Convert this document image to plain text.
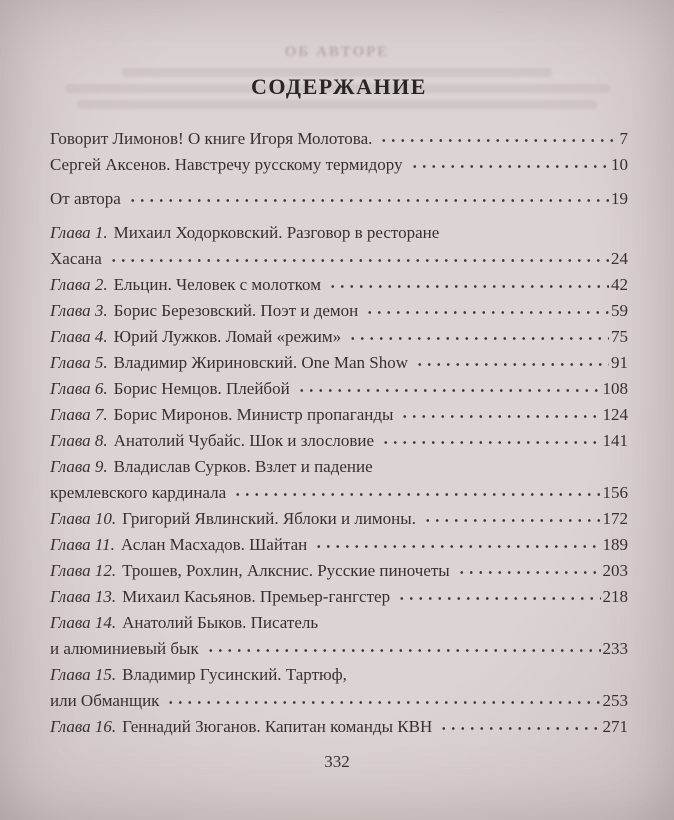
ОБ АВТОРЕ
СОДЕРЖАНИЕ
Говорит Лимонов! О книге Игоря Молотова.	7
Сергей Аксенов. Навстречу русскому термидору	10
От автора	19
Глава 1. Михаил Ходорковский. Разговор в ресторане
Хасана	24
Глава 2. Ельцин. Человек с молотком	42
Глава 3. Борис Березовский. Поэт и демон	59
Глава 4. Юрий Лужков. Ломай «режим»	75
Глава 5. Владимир Жириновский. One Man Show	91
Глава 6. Борис Немцов. Плейбой	108
Глава 7. Борис Миронов. Министр пропаганды	124
Глава 8. Анатолий Чубайс. Шок и злословие	141
Глава 9. Владислав Сурков. Взлет и падение
кремлевского кардинала	156
Глава 10. Григорий Явлинский. Яблоки и лимоны.	172
Глава 11. Аслан Масхадов. Шайтан	189
Глава 12. Трошев, Рохлин, Алкснис. Русские пиночеты	203
Глава 13. Михаил Касьянов. Премьер-гангстер	218
Глава 14. Анатолий Быков. Писатель
и алюминиевый бык	233
Глава 15. Владимир Гусинский. Тартюф,
или Обманщик	253
Глава 16. Геннадий Зюганов. Капитан команды КВН	271
332
